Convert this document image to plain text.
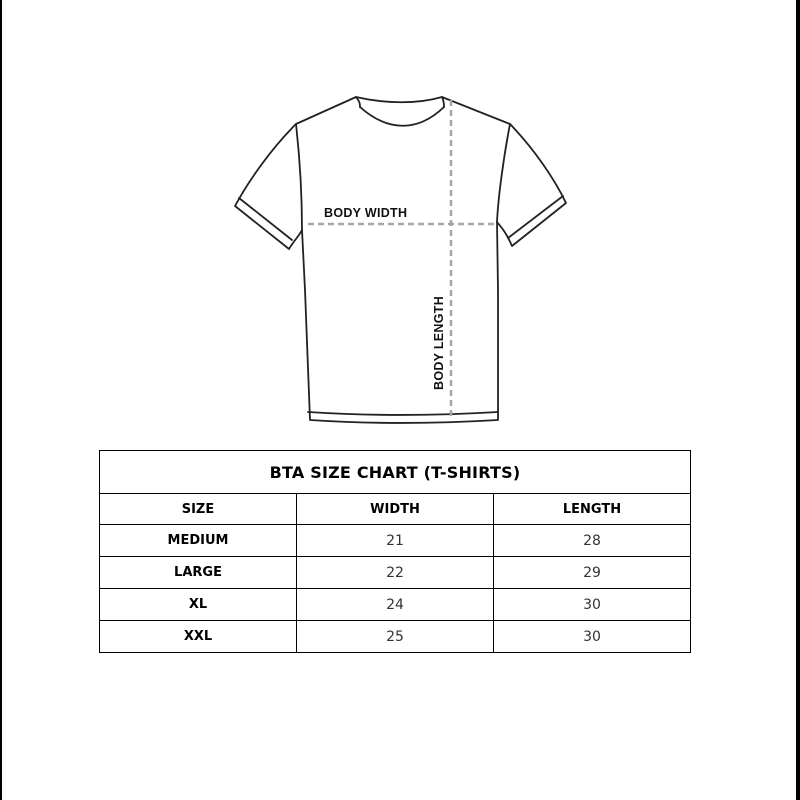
BODY WIDTH
BODY LENGTH
BTA SIZE CHART (T-SHIRTS)		
SIZE	WIDTH	LENGTH
MEDIUM	21	28
LARGE	22	29
XL	24	30
XXL	25	30
